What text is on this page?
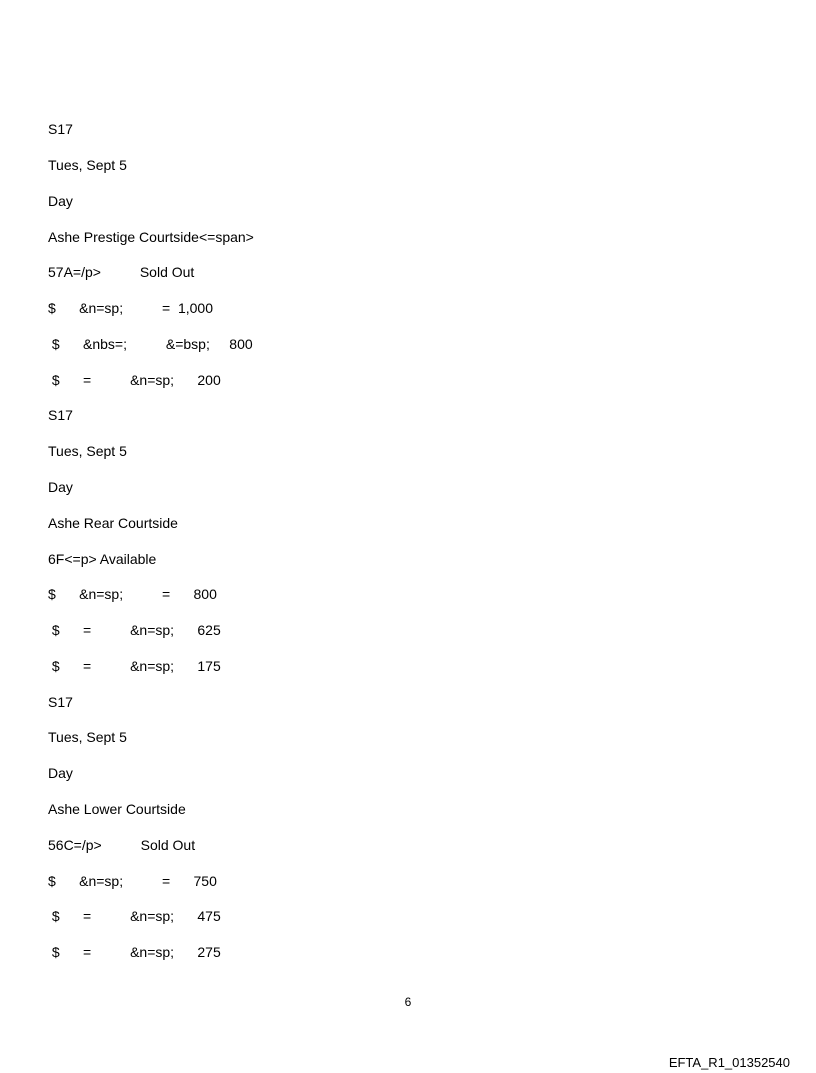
S17
Tues, Sept 5
Day
Ashe Prestige Courtside<=span>
57A=/p>          Sold Out
$      &n=sp;          =  1,000
$      &nbs=;          &=bsp;     800
$      =          &n=sp;      200
S17
Tues, Sept 5
Day
Ashe Rear Courtside
6F<=p> Available
$      &n=sp;          =      800
$      =          &n=sp;      625
$      =          &n=sp;      175
S17
Tues, Sept 5
Day
Ashe Lower Courtside
56C=/p>          Sold Out
$      &n=sp;          =      750
$      =          &n=sp;      475
$      =          &n=sp;      275
6
EFTA_R1_01352540
